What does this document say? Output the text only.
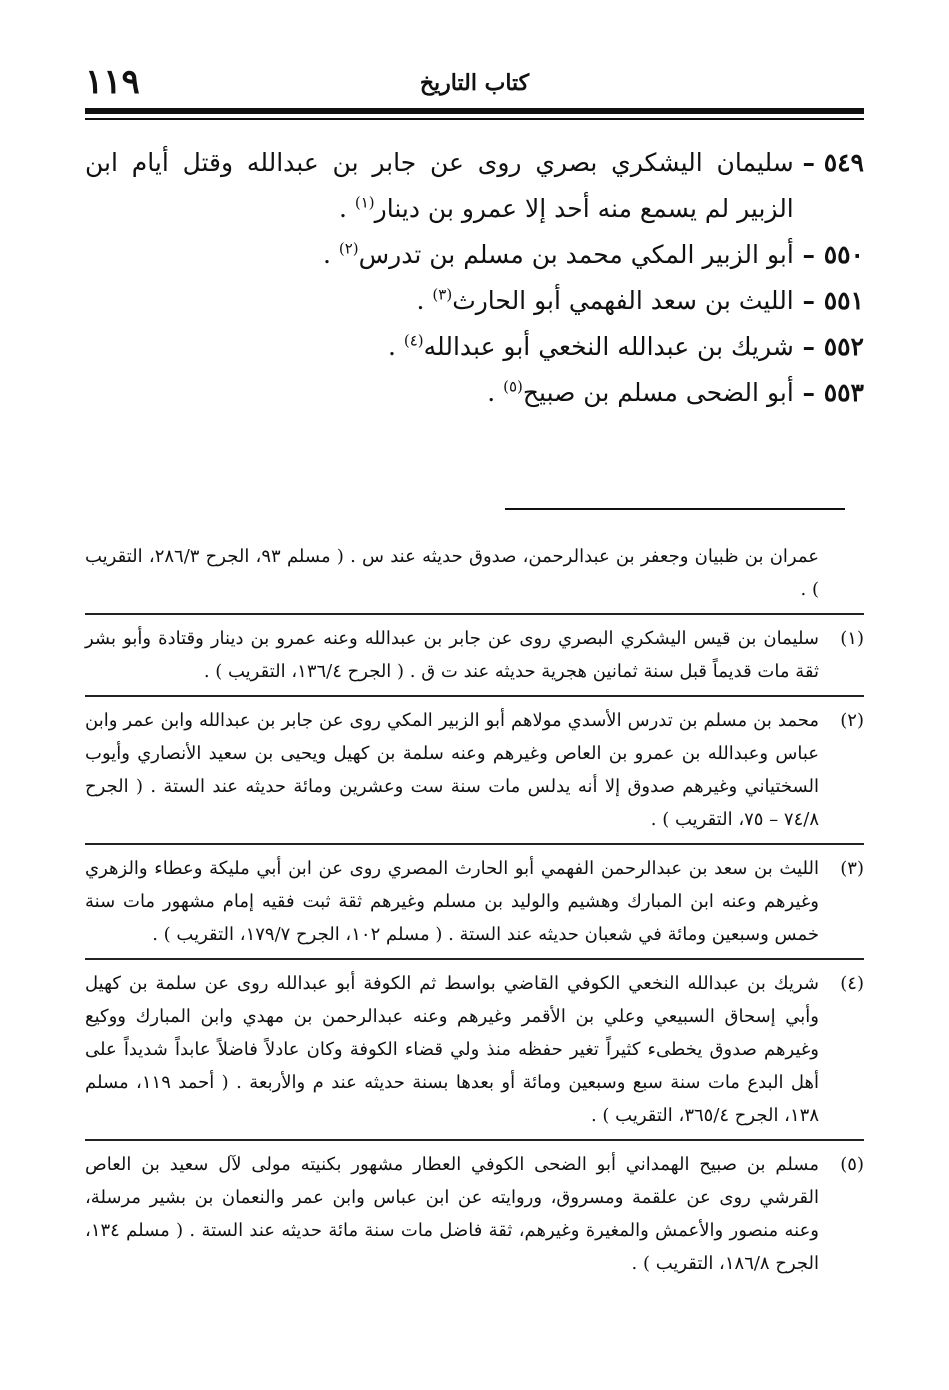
١١٩	كتاب التاريخ
٥٤٩ –
سليمان اليشكري بصري روى عن جابر بن عبدالله وقتل أيام ابن الزبير لم يسمع منه أحد إلا عمرو بن دينار$^{(١)}$ .
٥٥٠ –
أبو الزبير المكي محمد بن مسلم بن تدرس$^{(٢)}$ .
٥٥١ –
الليث بن سعد الفهمي أبو الحارث$^{(٣)}$ .
٥٥٢ –
شريك بن عبدالله النخعي أبو عبدالله$^{(٤)}$ .
٥٥٣ –
أبو الضحى مسلم بن صبيح$^{(٥)}$ .
عمران بن ظبيان وجعفر بن عبدالرحمن، صدوق حديثه عند س . ( مسلم ٩٣، الجرح ٢٨٦/٣، التقريب ) .
(١)
سليمان بن قيس اليشكري البصري روى عن جابر بن عبدالله وعنه عمرو بن دينار وقتادة وأبو بشر ثقة مات قديماً قبل سنة ثمانين هجرية حديثه عند ت ق . ( الجرح ١٣٦/٤، التقريب ) .
(٢)
محمد بن مسلم بن تدرس الأسدي مولاهم أبو الزبير المكي روى عن جابر بن عبدالله وابن عمر وابن عباس وعبدالله بن عمرو بن العاص وغيرهم وعنه سلمة بن كهيل ويحيى بن سعيد الأنصاري وأيوب السختياني وغيرهم صدوق إلا أنه يدلس مات سنة ست وعشرين ومائة حديثه عند الستة . ( الجرح ٧٤/٨ – ٧٥، التقريب ) .
(٣)
الليث بن سعد بن عبدالرحمن الفهمي أبو الحارث المصري روى عن ابن أبي مليكة وعطاء والزهري وغيرهم وعنه ابن المبارك وهشيم والوليد بن مسلم وغيرهم ثقة ثبت فقيه إمام مشهور مات سنة خمس وسبعين ومائة في شعبان حديثه عند الستة . ( مسلم ١٠٢، الجرح ١٧٩/٧، التقريب ) .
(٤)
شريك بن عبدالله النخعي الكوفي القاضي بواسط ثم الكوفة أبو عبدالله روى عن سلمة بن كهيل وأبي إسحاق السبيعي وعلي بن الأقمر وغيرهم وعنه عبدالرحمن بن مهدي وابن المبارك ووكيع وغيرهم صدوق يخطىء كثيراً تغير حفظه منذ ولي قضاء الكوفة وكان عادلاً فاضلاً عابداً شديداً على أهل البدع مات سنة سبع وسبعين ومائة أو بعدها بسنة حديثه عند م والأربعة . ( أحمد ١١٩، مسلم ١٣٨، الجرح ٣٦٥/٤، التقريب ) .
(٥)
مسلم بن صبيح الهمداني أبو الضحى الكوفي العطار مشهور بكنيته مولى لآل سعيد بن العاص القرشي روى عن علقمة ومسروق، وروايته عن ابن عباس وابن عمر والنعمان بن بشير مرسلة، وعنه منصور والأعمش والمغيرة وغيرهم، ثقة فاضل مات سنة مائة حديثه عند الستة . ( مسلم ١٣٤، الجرح ١٨٦/٨، التقريب ) .
